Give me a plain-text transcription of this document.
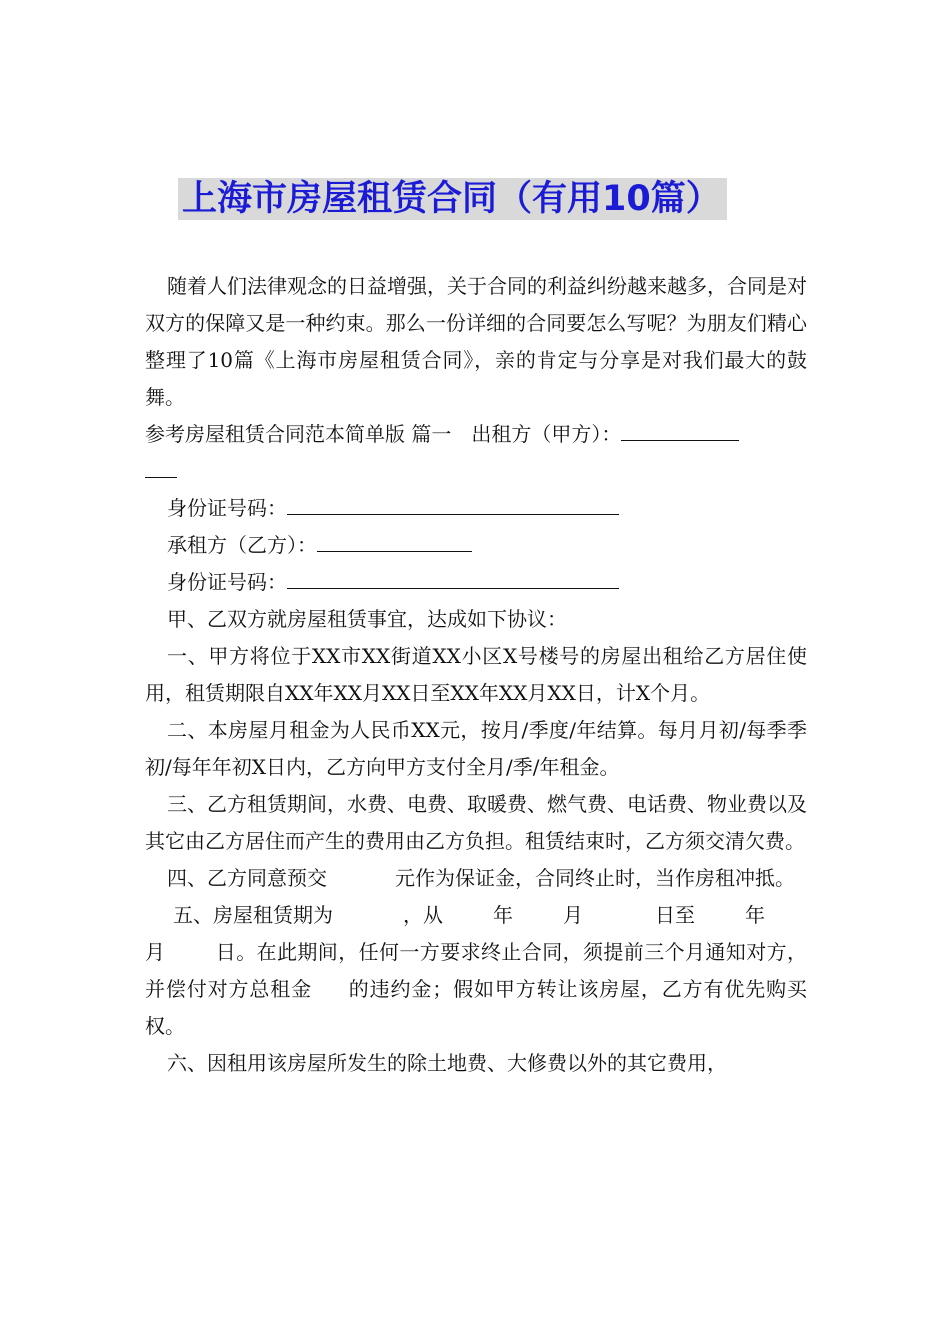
上海市房屋租赁合同（有用10篇）

随着人们法律观念的日益增强，关于合同的利益纠纷越来越多，合同是对双方的保障又是一种约束。那么一份详细的合同要怎么写呢？为朋友们精心整理了10篇《上海市房屋租赁合同》，亲的肯定与分享是对我们最大的鼓舞。

参考房屋租赁合同范本简单版 篇一　出租方（甲方）：

身份证号码：

承租方（乙方）：

身份证号码：

甲、乙双方就房屋租赁事宜，达成如下协议：

一、甲方将位于XX市XX街道XX小区X号楼号的房屋出租给乙方居住使用，租赁期限自XX年XX月XX日至XX年XX月XX日，计X个月。

二、本房屋月租金为人民币XX元，按月/季度/年结算。每月月初/每季季初/每年年初X日内，乙方向甲方支付全月/季/年租金。

三、乙方租赁期间，水费、电费、取暖费、燃气费、电话费、物业费以及其它由乙方居住而产生的费用由乙方负担。租赁结束时，乙方须交清欠费。

四、乙方同意预交	元作为保证金，合同终止时，当作房租冲抵。

五、房屋租赁期为	，从	年	月	日至	年
月	日。在此期间，任何一方要求终止合同，须提前三个月通知对方，并偿付对方总租金 的违约金；假如甲方转让该房屋，乙方有优先购买权。

六、因租用该房屋所发生的除土地费、大修费以外的其它费用，
